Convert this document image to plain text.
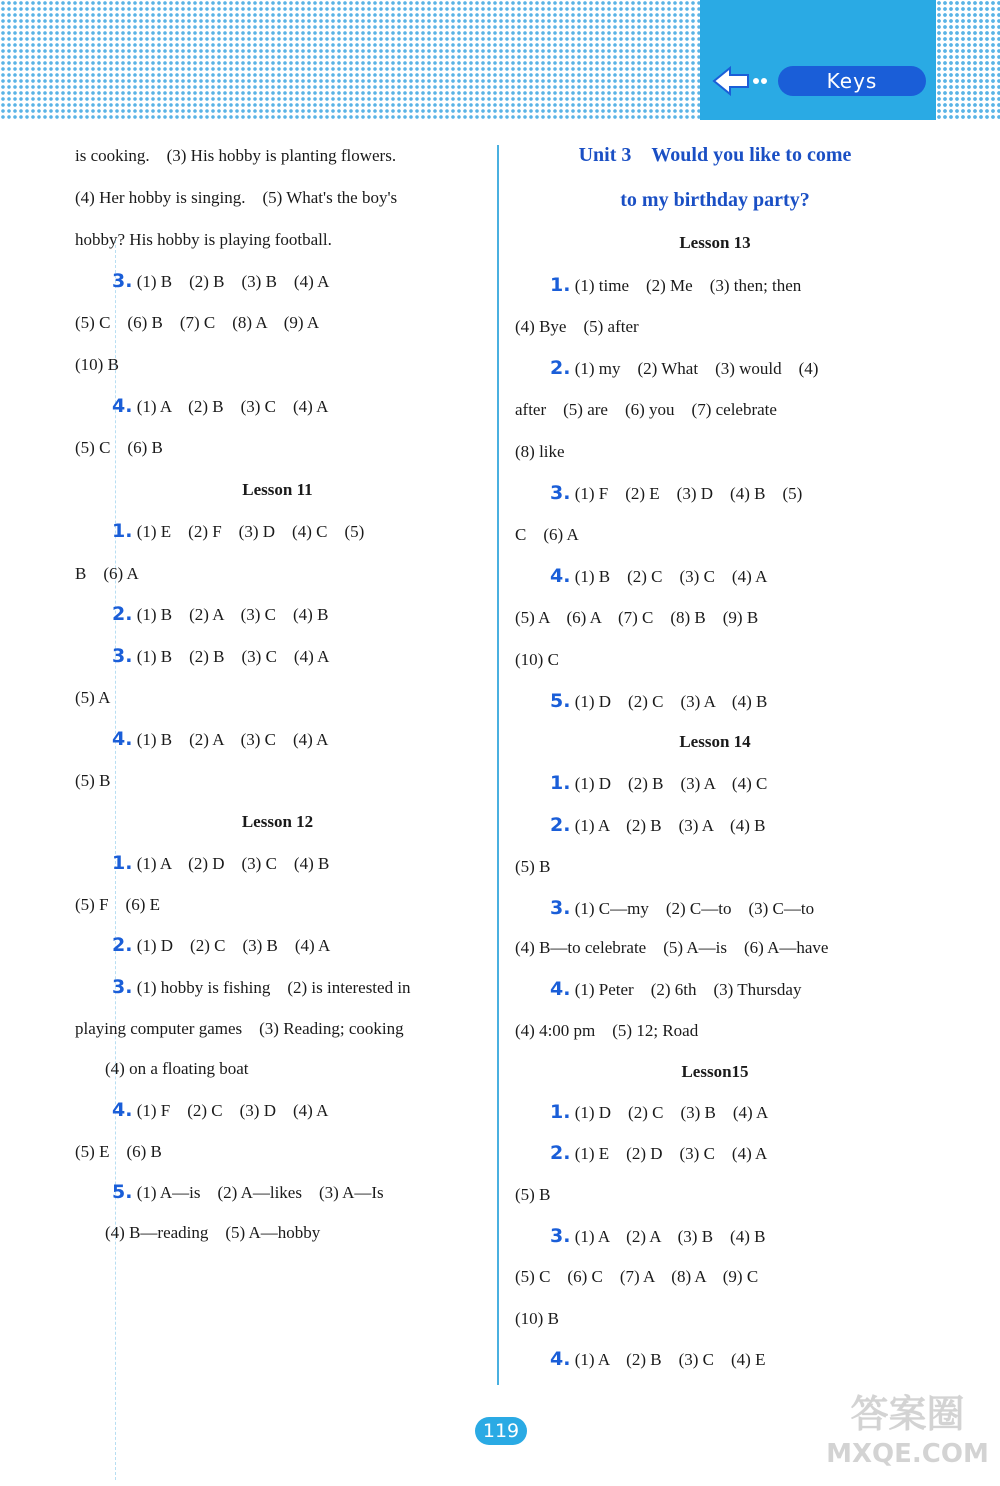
Keys
is cooking.　(3) His hobby is planting flowers.
(4) Her hobby is singing.　(5) What's the boy's
hobby? His hobby is playing football.
3. (1) B　(2) B　(3) B　(4) A
(5) C　(6) B　(7) C　(8) A　(9) A
(10) B
4. (1) A　(2) B　(3) C　(4) A
(5) C　(6) B
Lesson 11
1. (1) E　(2) F　(3) D　(4) C　(5)
B　(6) A
2. (1) B　(2) A　(3) C　(4) B
3. (1) B　(2) B　(3) C　(4) A
(5) A
4. (1) B　(2) A　(3) C　(4) A
(5) B
Lesson 12
1. (1) A　(2) D　(3) C　(4) B
(5) F　(6) E
2. (1) D　(2) C　(3) B　(4) A
3. (1) hobby is fishing　(2) is interested in
playing computer games　(3) Reading; cooking
(4) on a floating boat
4. (1) F　(2) C　(3) D　(4) A
(5) E　(6) B
5. (1) A—is　(2) A—likes　(3) A—Is
(4) B—reading　(5) A—hobby
Unit 3　Would you like to come
to my birthday party?
Lesson 13
1. (1) time　(2) Me　(3) then; then
(4) Bye　(5) after
2. (1) my　(2) What　(3) would　(4)
after　(5) are　(6) you　(7) celebrate
(8) like
3. (1) F　(2) E　(3) D　(4) B　(5)
C　(6) A
4. (1) B　(2) C　(3) C　(4) A
(5) A　(6) A　(7) C　(8) B　(9) B
(10) C
5. (1) D　(2) C　(3) A　(4) B
Lesson 14
1. (1) D　(2) B　(3) A　(4) C
2. (1) A　(2) B　(3) A　(4) B
(5) B
3. (1) C—my　(2) C—to　(3) C—to
(4) B—to celebrate　(5) A—is　(6) A—have
4. (1) Peter　(2) 6th　(3) Thursday
(4) 4:00 pm　(5) 12; Road
Lesson15
1. (1) D　(2) C　(3) B　(4) A
2. (1) E　(2) D　(3) C　(4) A
(5) B
3. (1) A　(2) A　(3) B　(4) B
(5) C　(6) C　(7) A　(8) A　(9) C
(10) B
4. (1) A　(2) B　(3) C　(4) E
119	答案圈
MXQE.COM
